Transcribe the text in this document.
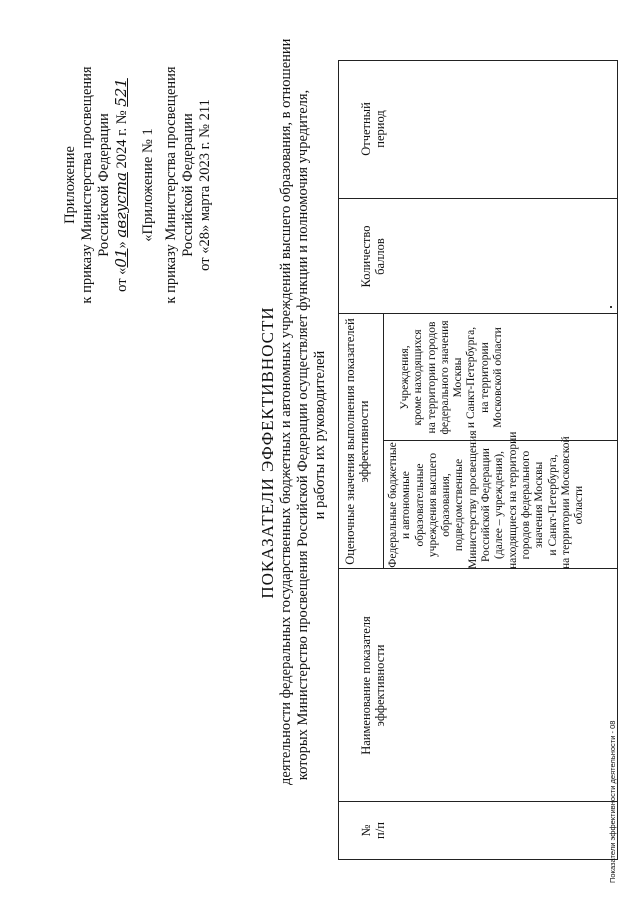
Приложение к приказу Министерства просвещения Российской Федерации
от «01» августа 2024 г. № 521
«Приложение № 1 к приказу Министерства просвещения Российской Федерации от «28» марта 2023 г. № 211
ПОКАЗАТЕЛИ ЭФФЕКТИВНОСТИ деятельности федеральных государственных бюджетных и автономных учреждений высшего образования, в отношении которых Министерство просвещения Российской Федерации осуществляет функции и полномочия учредителя, и работы их руководителей
№ п/п
Наименование показателя эффективности
Оценочные значения выполнения показателей эффективности
Федеральные бюджетные и автономные образовательные учреждения высшего образования, подведомственные Министерству просвещения Российской Федерации (далее – учреждения), находящиеся на территории городов федерального значения Москвы и Санкт-Петербурга, на территории Московской области
Учреждения, кроме находящихся на территории городов федерального значения Москвы и Санкт-Петербурга, на территории Московской области
Количество баллов
Отчетный период
Показатели эффективности деятельности - 08
